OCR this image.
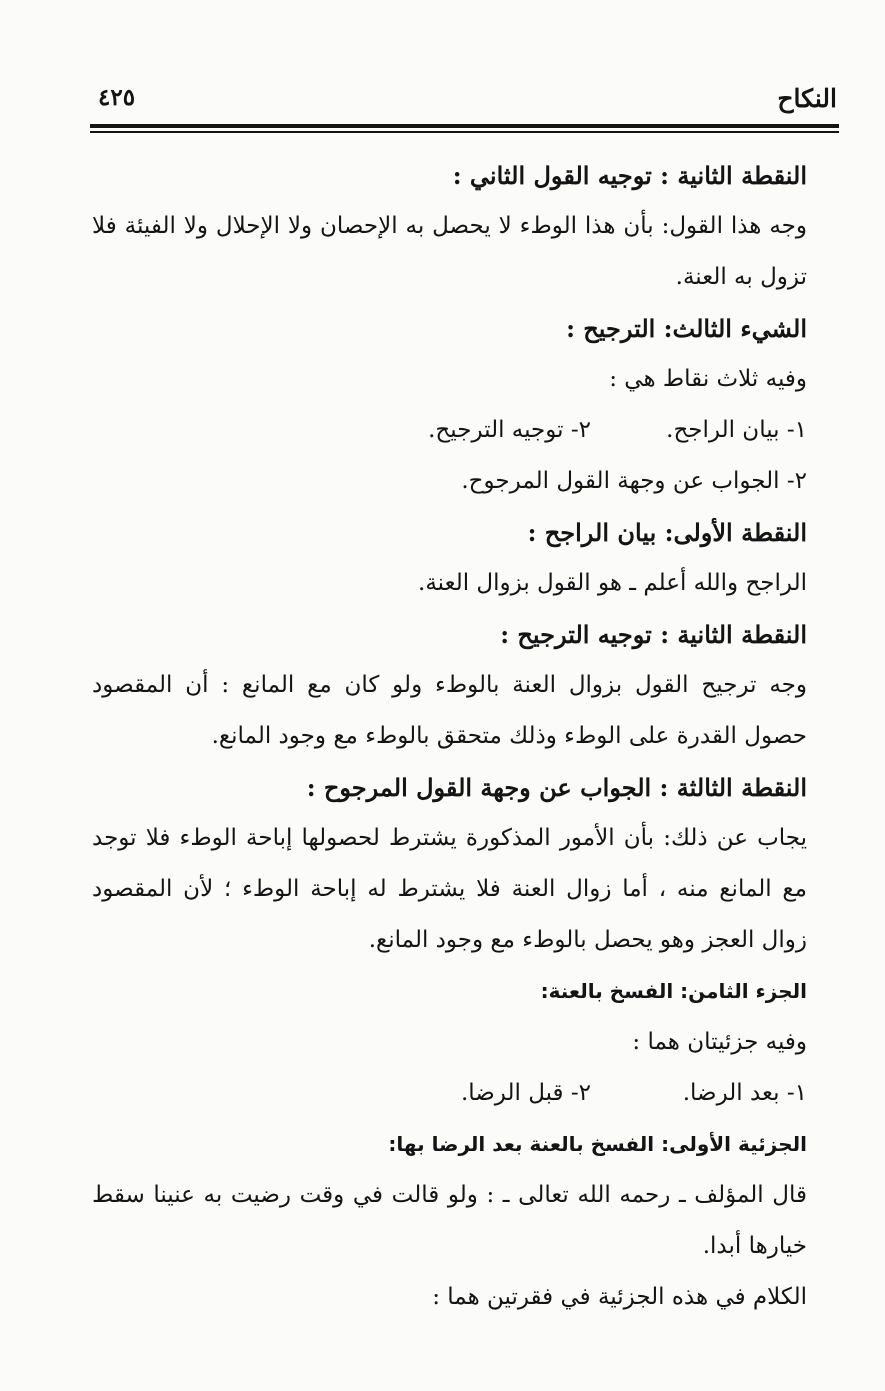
النكاح
٤٢٥

النقطة الثانية : توجيه القول الثاني :

وجه هذا القول: بأن هذا الوطء لا يحصل به الإحصان ولا الإحلال ولا الفيئة فلا تزول به العنة.

الشيء الثالث: الترجيح :

وفيه ثلاث نقاط هي :

١- بيان الراجح.
٢- توجيه الترجيح.

٢- الجواب عن وجهة القول المرجوح.

النقطة الأولى: بيان الراجح :

الراجح والله أعلم ـ هو القول بزوال العنة.

النقطة الثانية : توجيه الترجيح :

وجه ترجيح القول بزوال العنة بالوطء ولو كان مع المانع : أن المقصود حصول القدرة على الوطء وذلك متحقق بالوطء مع وجود المانع.

النقطة الثالثة : الجواب عن وجهة القول المرجوح :

يجاب عن ذلك: بأن الأمور المذكورة يشترط لحصولها إباحة الوطء فلا توجد مع المانع منه ، أما زوال العنة فلا يشترط له إباحة الوطء ؛ لأن المقصود زوال العجز وهو يحصل بالوطء مع وجود المانع.

الجزء الثامن: الفسخ بالعنة:

وفيه جزئيتان هما :

١- بعد الرضا.
٢- قبل الرضا.

الجزئية الأولى: الفسخ بالعنة بعد الرضا بها:

قال المؤلف ـ رحمه الله تعالى ـ : ولو قالت في وقت رضيت به عنينا سقط خيارها أبدا.

الكلام في هذه الجزئية في فقرتين هما :
